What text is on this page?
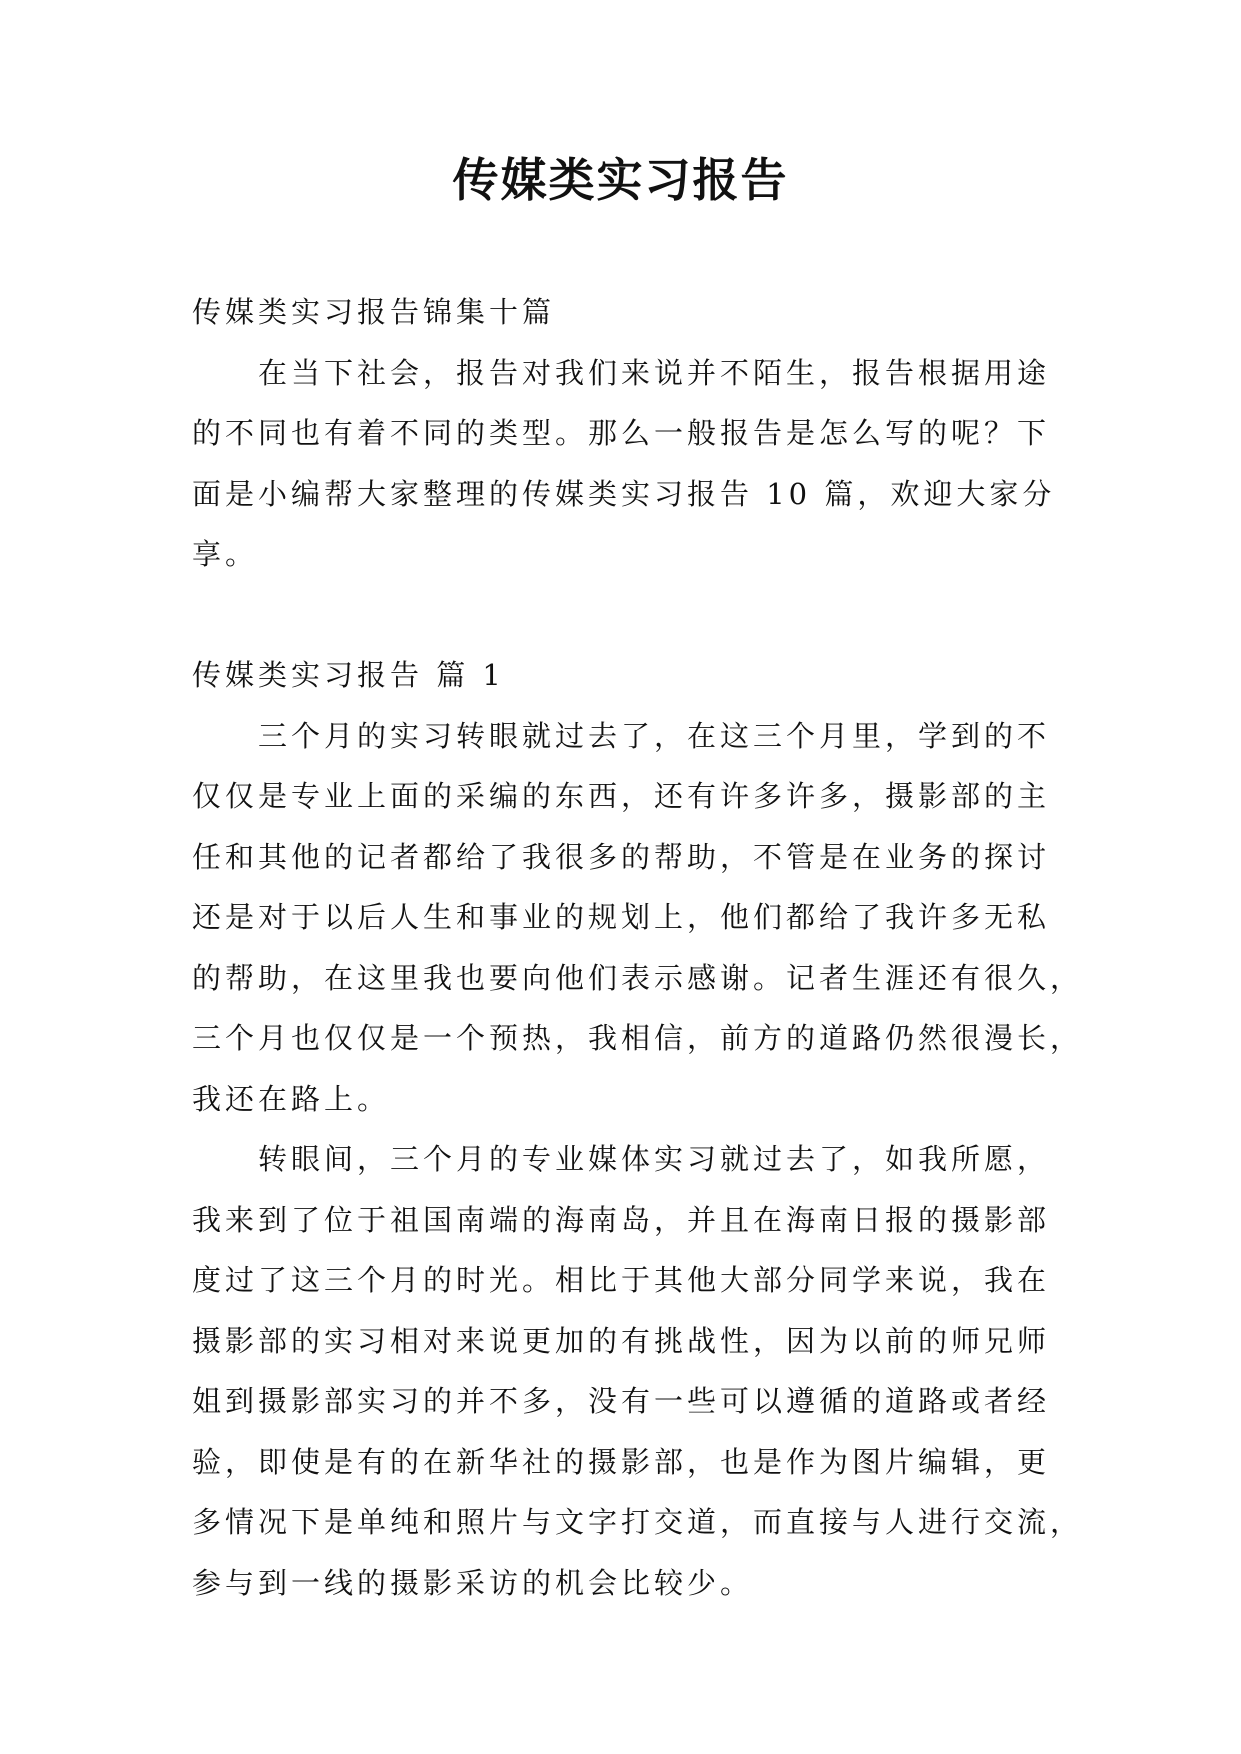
传媒类实习报告

传媒类实习报告锦集十篇

在当下社会，报告对我们来说并不陌生，报告根据用途

的不同也有着不同的类型。那么一般报告是怎么写的呢？下

面是小编帮大家整理的传媒类实习报告 10 篇，欢迎大家分

享。

传媒类实习报告 篇 1

三个月的实习转眼就过去了，在这三个月里，学到的不

仅仅是专业上面的采编的东西，还有许多许多，摄影部的主

任和其他的记者都给了我很多的帮助，不管是在业务的探讨

还是对于以后人生和事业的规划上，他们都给了我许多无私

的帮助，在这里我也要向他们表示感谢。记者生涯还有很久，

三个月也仅仅是一个预热，我相信，前方的道路仍然很漫长，

我还在路上。

转眼间，三个月的专业媒体实习就过去了，如我所愿，

我来到了位于祖国南端的海南岛，并且在海南日报的摄影部

度过了这三个月的时光。相比于其他大部分同学来说，我在

摄影部的实习相对来说更加的有挑战性，因为以前的师兄师

姐到摄影部实习的并不多，没有一些可以遵循的道路或者经

验，即使是有的在新华社的摄影部，也是作为图片编辑，更

多情况下是单纯和照片与文字打交道，而直接与人进行交流，

参与到一线的摄影采访的机会比较少。
